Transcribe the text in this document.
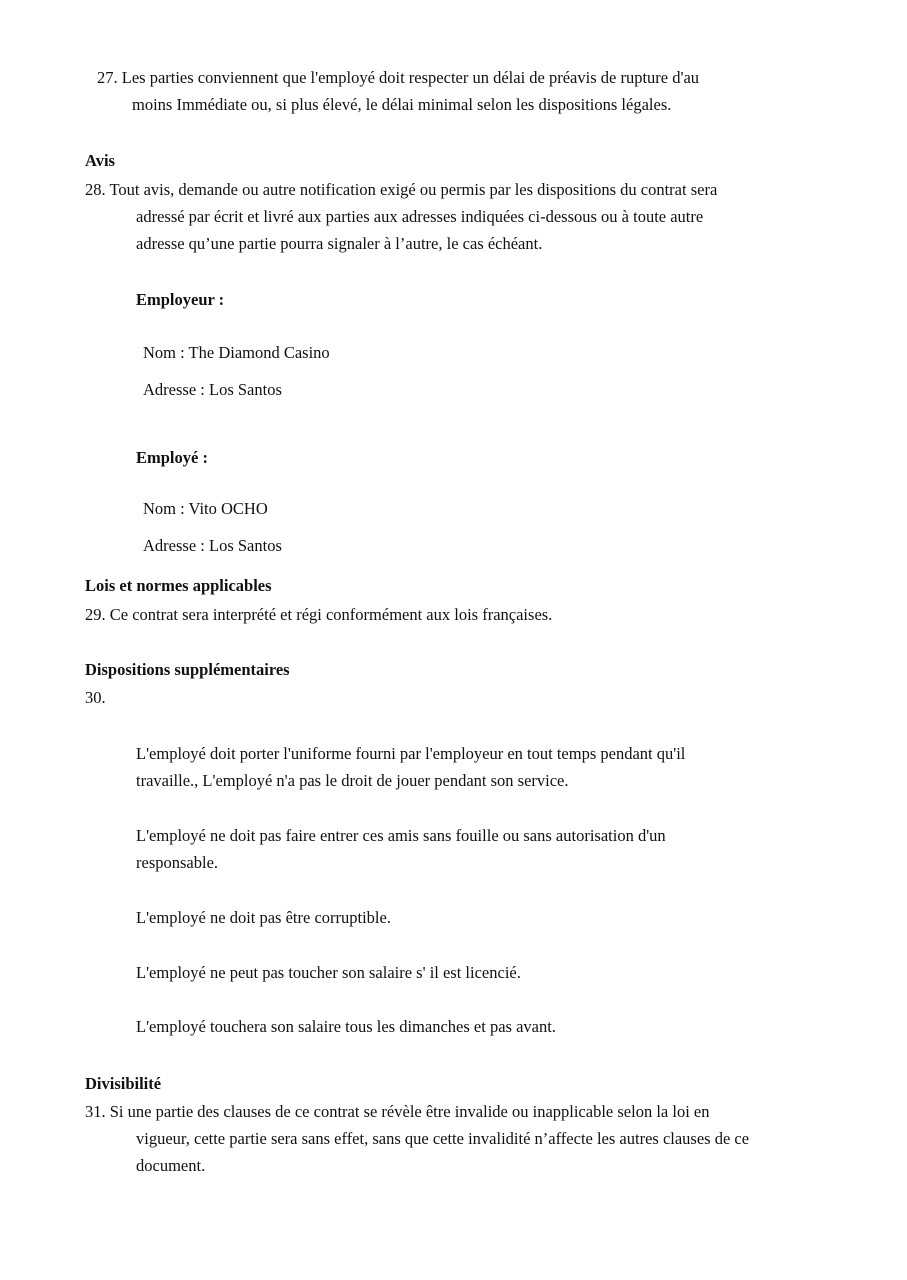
27. Les parties conviennent que l'employé doit respecter un délai de préavis de rupture d'au

moins Immédiate ou, si plus élevé, le délai minimal selon les dispositions légales.

Avis

28. Tout avis, demande ou autre notification exigé ou permis par les dispositions du contrat sera

adressé par écrit et livré aux parties aux adresses indiquées ci-dessous ou à toute autre

adresse qu’une partie pourra signaler à l’autre, le cas échéant.

Employeur :

Nom : The Diamond Casino

Adresse : Los Santos

Employé :

Nom : Vito OCHO

Adresse : Los Santos

Lois et normes applicables

29. Ce contrat sera interprété et régi conformément aux lois françaises.

Dispositions supplémentaires

30.

L'employé doit porter l'uniforme fourni par l'employeur en tout temps pendant qu'il

travaille., L'employé n'a pas le droit de jouer pendant son service.

L'employé ne doit pas faire entrer ces amis sans fouille ou sans autorisation d'un

responsable.

L'employé ne doit pas être corruptible.

L'employé ne peut pas toucher son salaire s' il est licencié.

L'employé touchera son salaire tous les dimanches et pas avant.

Divisibilité

31. Si une partie des clauses de ce contrat se révèle être invalide ou inapplicable selon la loi en

vigueur, cette partie sera sans effet, sans que cette invalidité n’affecte les autres clauses de ce

document.
